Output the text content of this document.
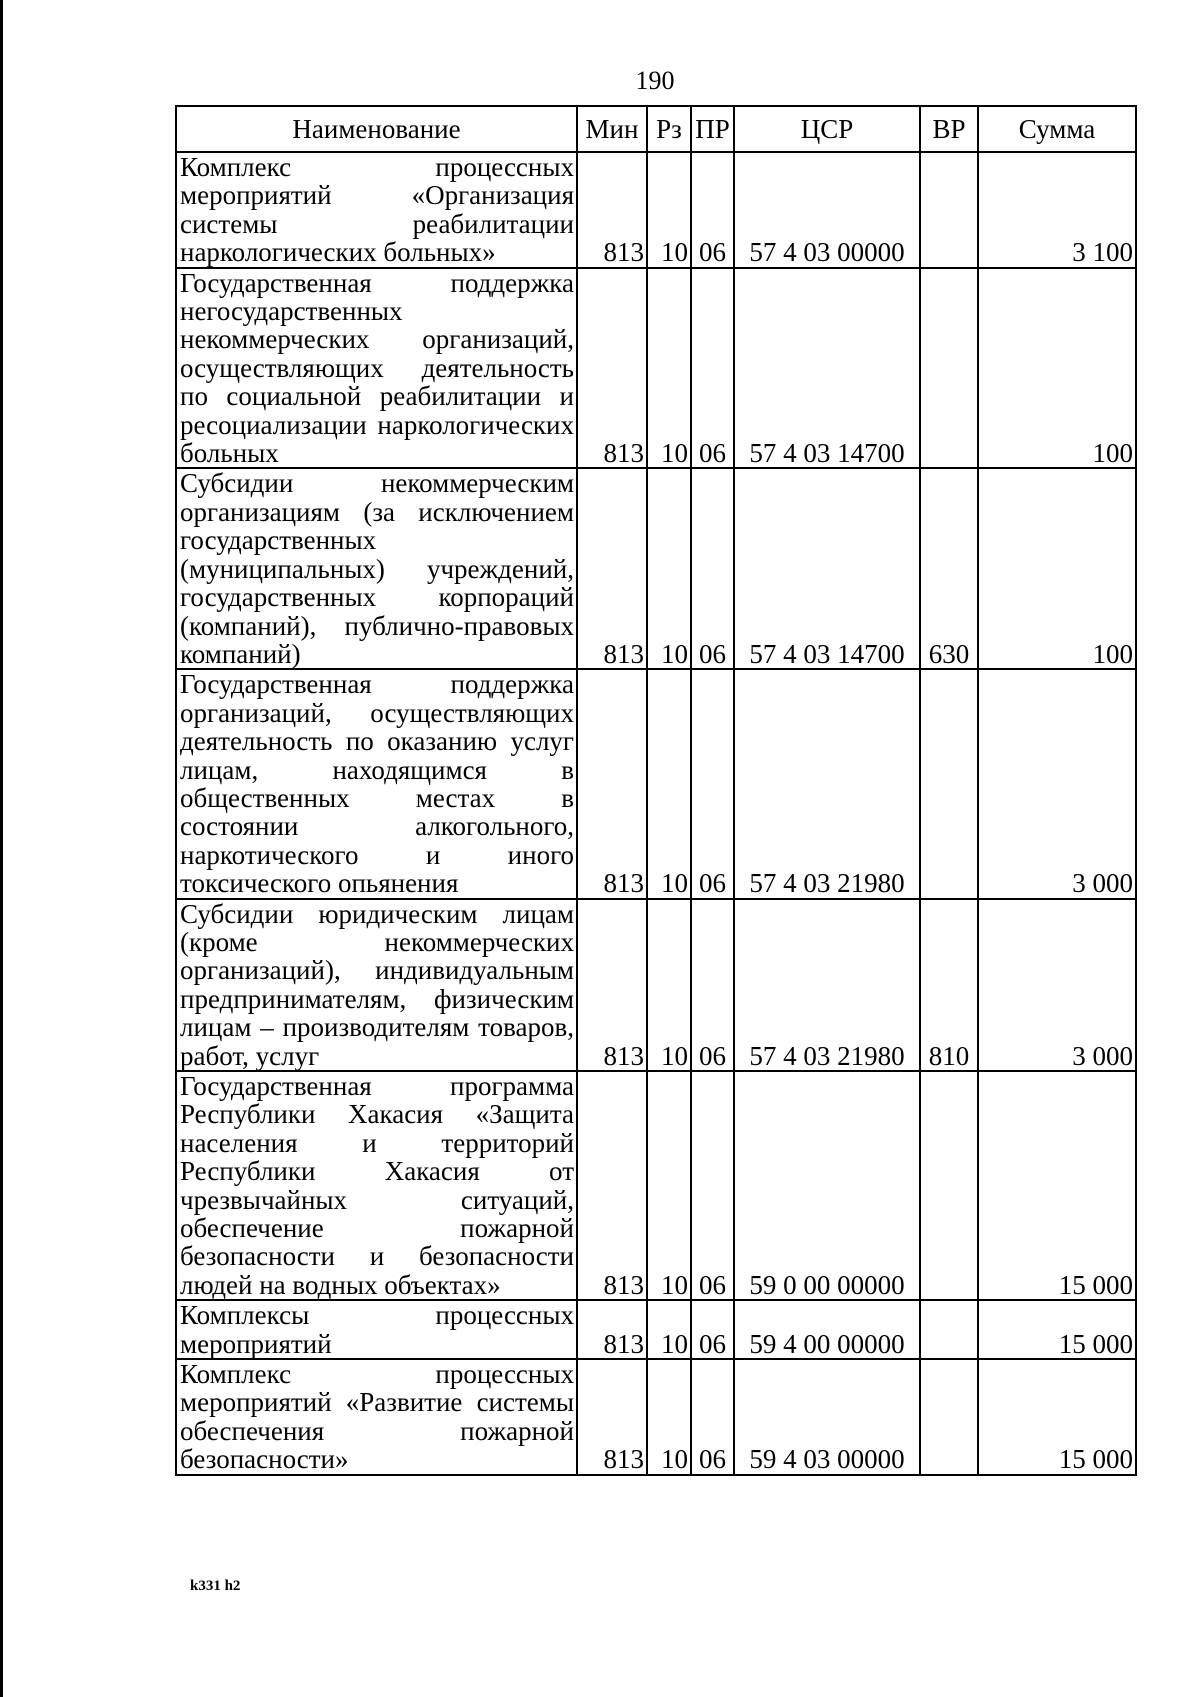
190
Наименование	Мин	Рз	ПР	ЦСР	ВР	Сумма
Комплекс процессных мероприятий «Организация системы реабилитации наркологических больных»	813	10	06	57 4 03 00000		3 100
Государственная поддержка негосударственных некоммерческих организаций, осуществляющих деятельность по социальной реабилитации и ресоциализации наркологических больных	813	10	06	57 4 03 14700		100
Субсидии некоммерческим организациям (за исключением государственных (муниципальных) учреждений, государственных корпораций (компаний), публично-правовых компаний)	813	10	06	57 4 03 14700	630	100
Государственная поддержка организаций, осуществляющих деятельность по оказанию услуг лицам, находящимся в общественных местах в состоянии алкогольного, наркотического и иного токсического опьянения	813	10	06	57 4 03 21980		3 000
Субсидии юридическим лицам (кроме некоммерческих организаций), индивидуальным предпринимателям, физическим лицам – производителям товаров, работ, услуг	813	10	06	57 4 03 21980	810	3 000
Государственная программа Республики Хакасия «Защита населения и территорий Республики Хакасия от чрезвычайных ситуаций, обеспечение пожарной безопасности и безопасности людей на водных объектах»	813	10	06	59 0 00 00000		15 000
Комплексы процессных мероприятий	813	10	06	59 4 00 00000		15 000
Комплекс процессных мероприятий «Развитие системы обеспечения пожарной безопасности»	813	10	06	59 4 03 00000		15 000
k331 h2
